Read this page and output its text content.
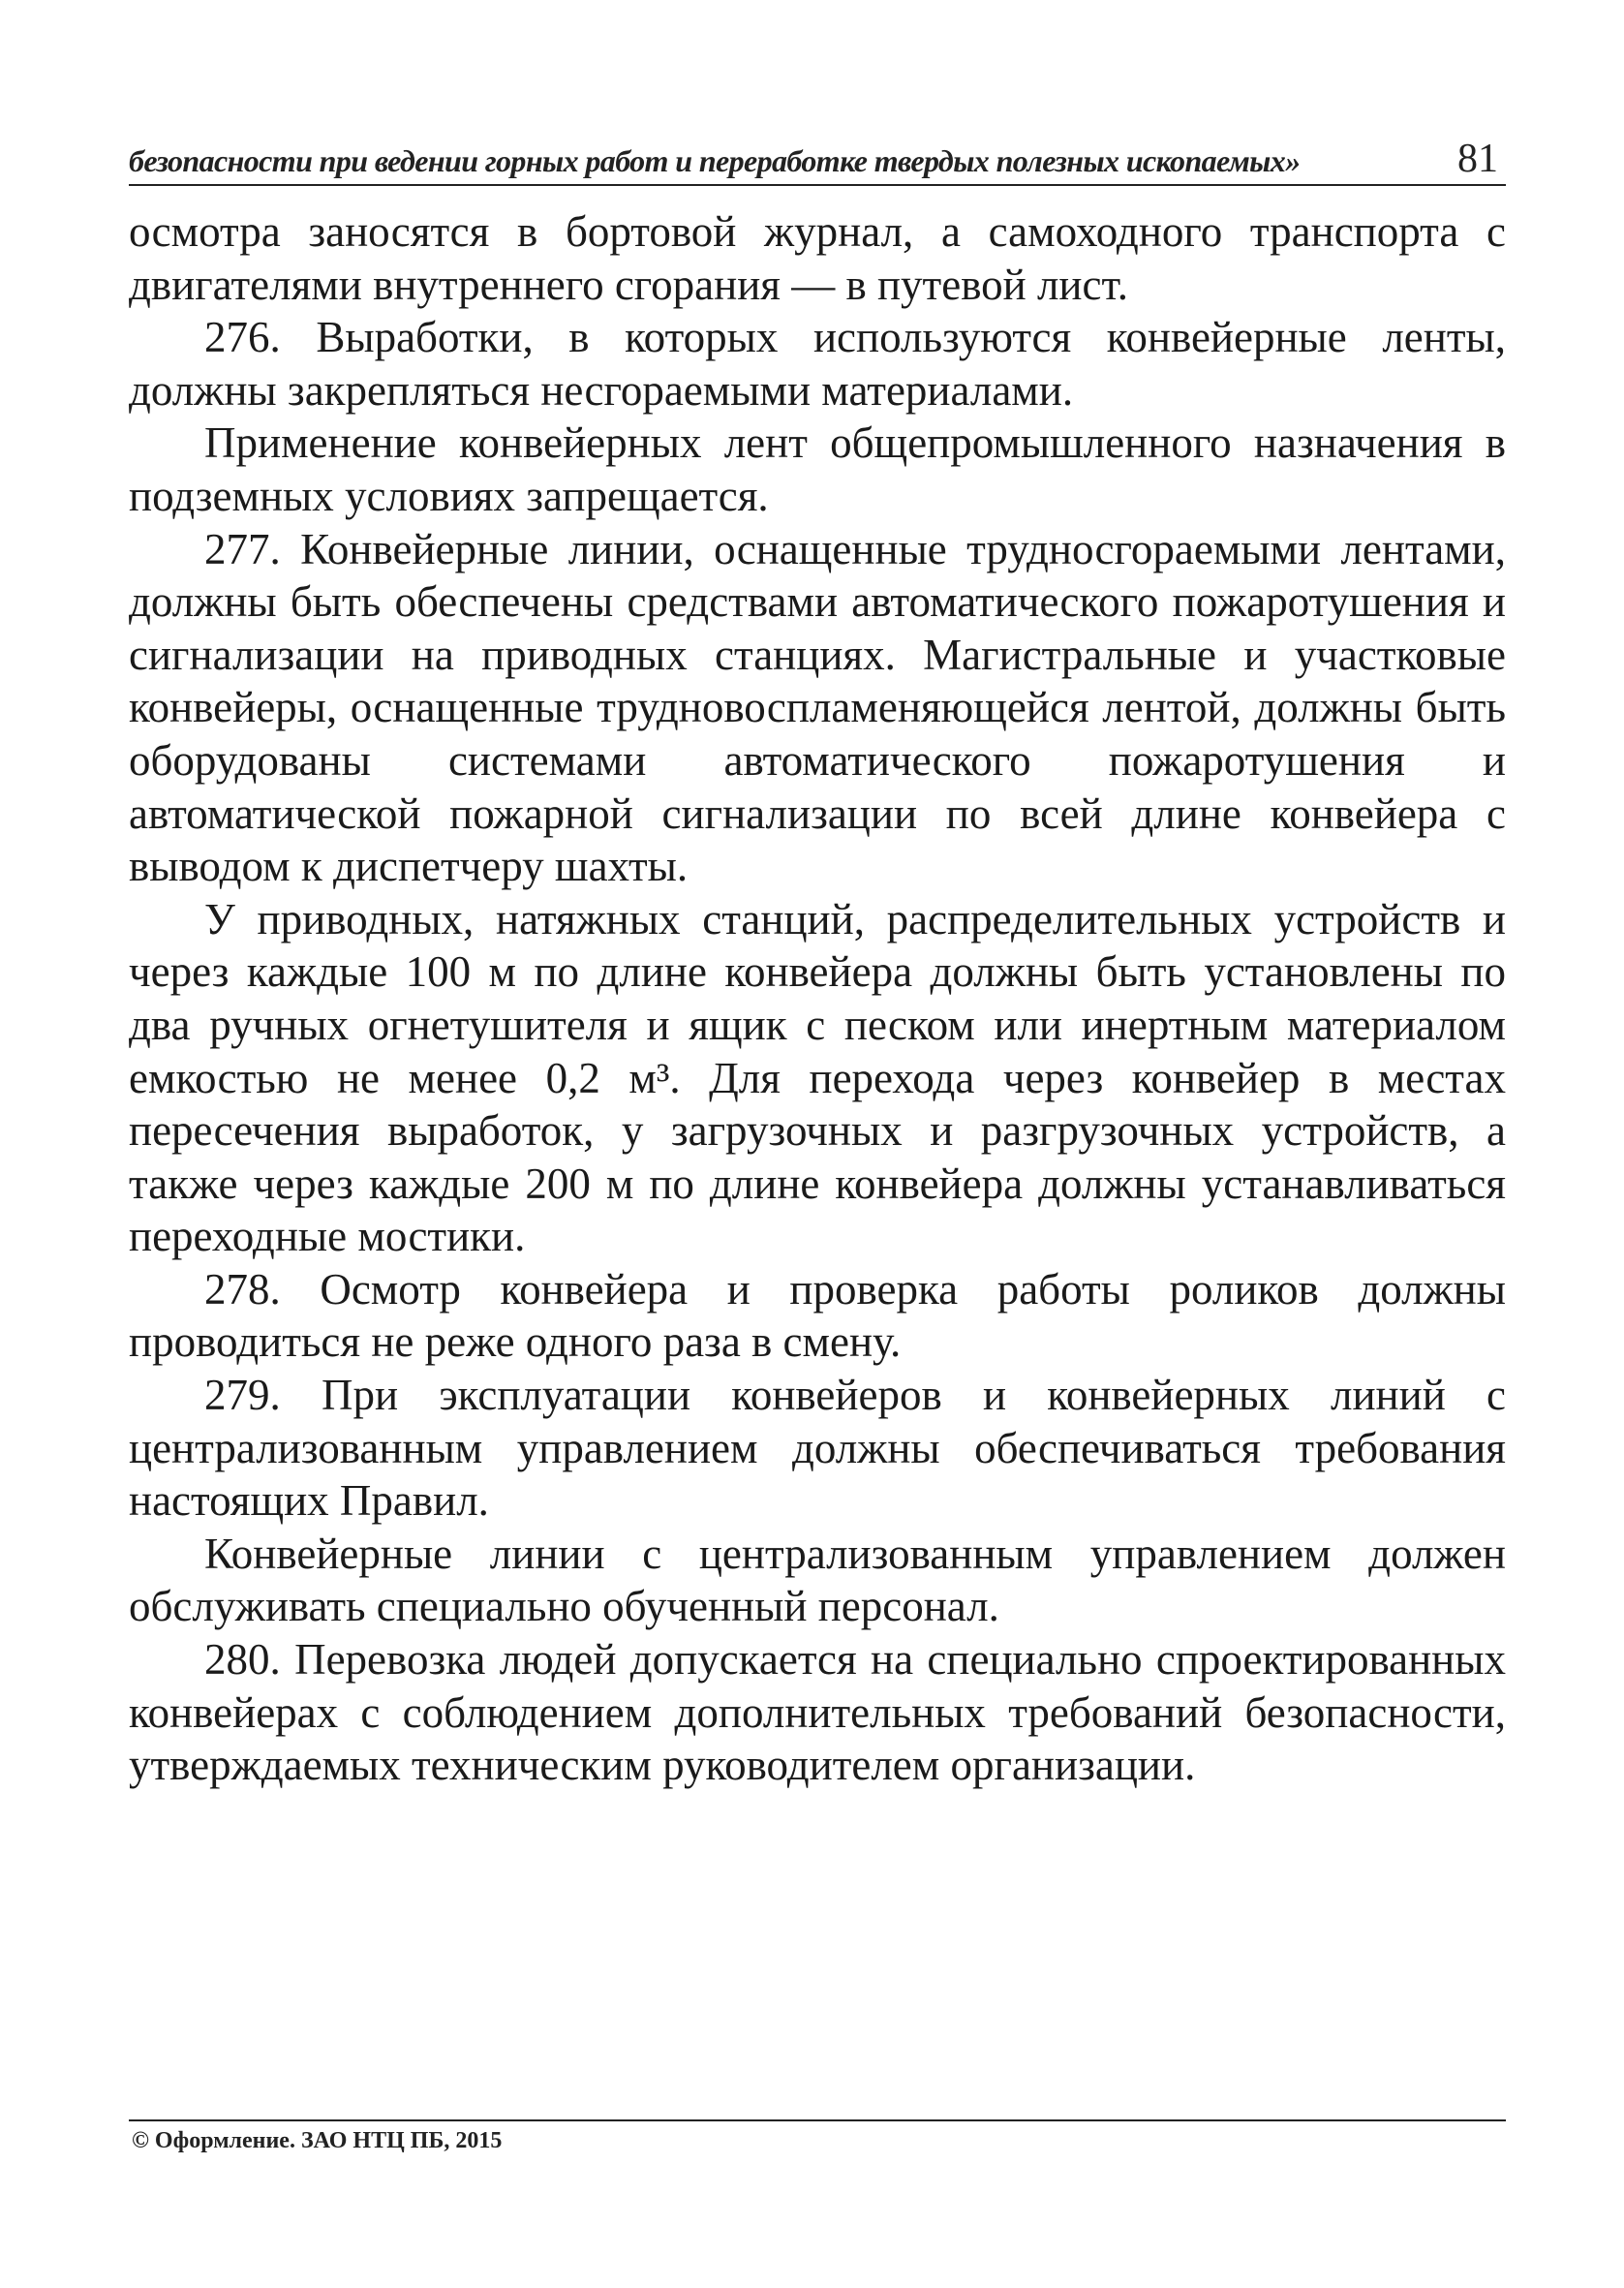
безопасности при ведении горных работ и переработке твердых полезных ископаемых»	81

осмотра заносятся в бортовой журнал, а самоходного транспорта с двигателями внутреннего сгорания — в путевой лист.

276. Выработки, в которых используются конвейерные ленты, должны закрепляться несгораемыми материалами.

Применение конвейерных лент общепромышленного назначения в подземных условиях запрещается.

277. Конвейерные линии, оснащенные трудносгораемыми лентами, должны быть обеспечены средствами автоматического пожаротушения и сигнализации на приводных станциях. Магистральные и участковые конвейеры, оснащенные трудновоспламеняющейся лентой, должны быть оборудованы системами автоматического пожаротушения и автоматической пожарной сигнализации по всей длине конвейера с выводом к диспетчеру шахты.

У приводных, натяжных станций, распределительных устройств и через каждые 100 м по длине конвейера должны быть установлены по два ручных огнетушителя и ящик с песком или инертным материалом емкостью не менее 0,2 м³. Для перехода через конвейер в местах пересечения выработок, у загрузочных и разгрузочных устройств, а также через каждые 200 м по длине конвейера должны устанавливаться переходные мостики.

278. Осмотр конвейера и проверка работы роликов должны проводиться не реже одного раза в смену.

279. При эксплуатации конвейеров и конвейерных линий с централизованным управлением должны обеспечиваться требования настоящих Правил.

Конвейерные линии с централизованным управлением должен обслуживать специально обученный персонал.

280. Перевозка людей допускается на специально спроектированных конвейерах с соблюдением дополнительных требований безопасности, утверждаемых техническим руководителем организации.

© Оформление. ЗАО НТЦ ПБ, 2015
